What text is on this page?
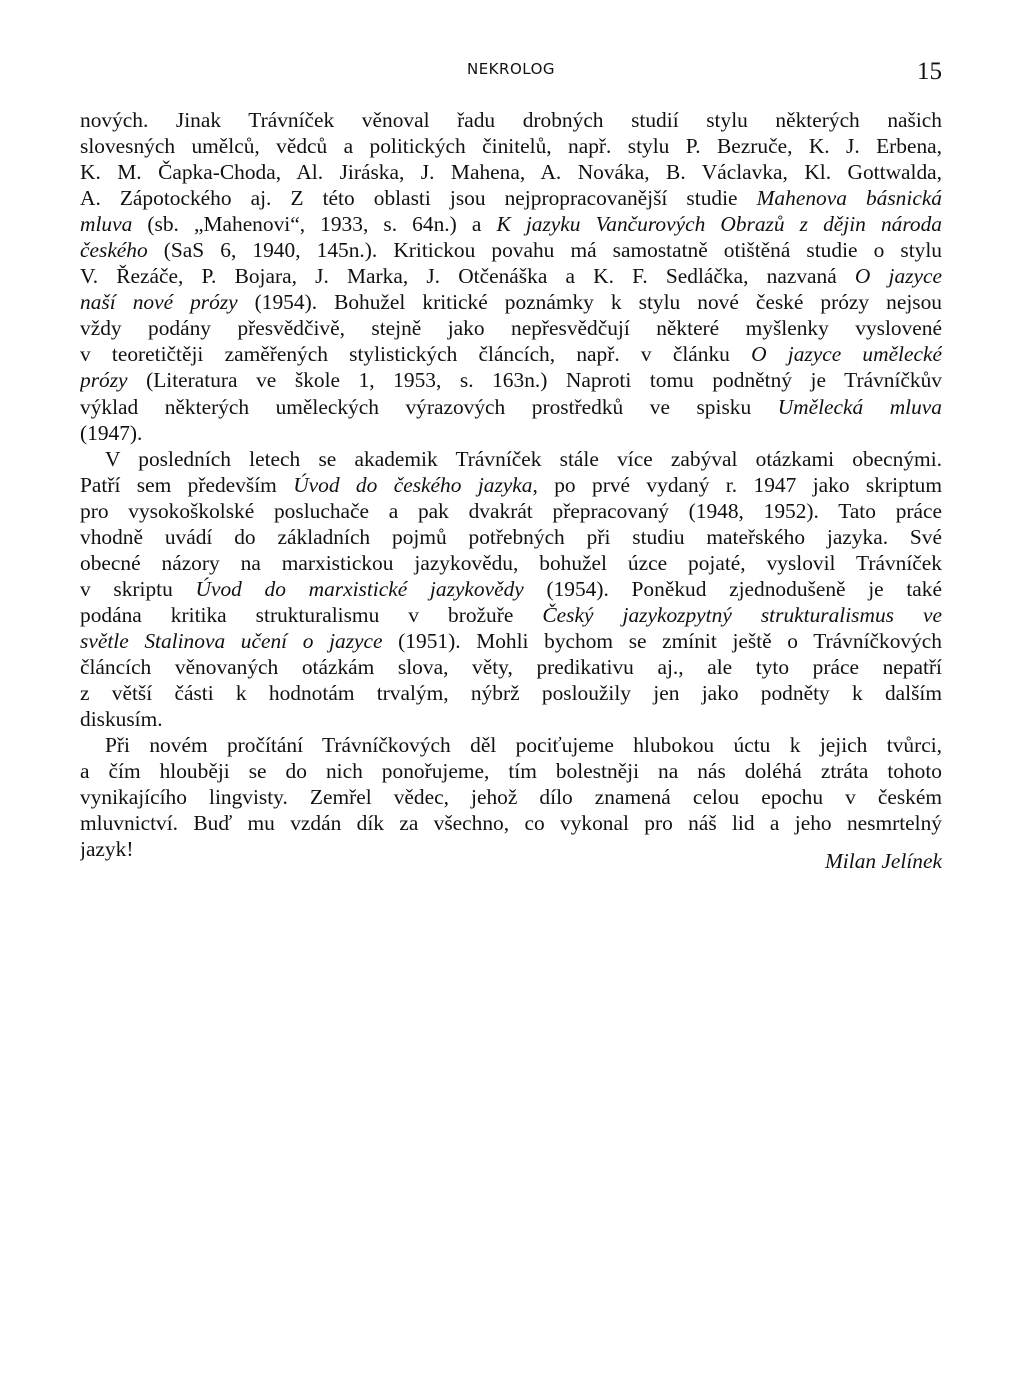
NEKROLOG	15
nových. Jinak Trávníček věnoval řadu drobných studií stylu některých našich
slovesných umělců, vědců a politických činitelů, např. stylu P. Bezruče, K. J. Erbena,
K. M. Čapka-Choda, Al. Jiráska, J. Mahena, A. Nováka, B. Václavka, Kl. Gottwalda,
A. Zápotockého aj. Z této oblasti jsou nejpropracovanější studie Mahenova básnická
mluva (sb. „Mahenovi“, 1933, s. 64n.) a K jazyku Vančurových Obrazů z dějin národa
českého (SaS 6, 1940, 145n.). Kritickou povahu má samostatně otištěná studie o stylu
V. Řezáče, P. Bojara, J. Marka, J. Otčenáška a K. F. Sedláčka, nazvaná O jazyce
naší nové prózy (1954). Bohužel kritické poznámky k stylu nové české prózy nejsou
vždy podány přesvědčivě, stejně jako nepřesvědčují některé myšlenky vyslovené
v teoretičtěji zaměřených stylistických článcích, např. v článku O jazyce umělecké
prózy (Literatura ve škole 1, 1953, s. 163n.) Naproti tomu podnětný je Trávníčkův
výklad některých uměleckých výrazových prostředků ve spisku Umělecká mluva
(1947).
V posledních letech se akademik Trávníček stále více zabýval otázkami obecnými.
Patří sem především Úvod do českého jazyka, po prvé vydaný r. 1947 jako skriptum
pro vysokoškolské posluchače a pak dvakrát přepracovaný (1948, 1952). Tato práce
vhodně uvádí do základních pojmů potřebných při studiu mateřského jazyka. Své
obecné názory na marxistickou jazykovědu, bohužel úzce pojaté, vyslovil Trávníček
v skriptu Úvod do marxistické jazykovědy (1954). Poněkud zjednodušeně je také
podána kritika strukturalismu v brožuře Český jazykozpytný strukturalismus ve
světle Stalinova učení o jazyce (1951). Mohli bychom se zmínit ještě o Trávníčkových
článcích věnovaných otázkám slova, věty, predikativu aj., ale tyto práce nepatří
z větší části k hodnotám trvalým, nýbrž posloužily jen jako podněty k dalším
diskusím.
Při novém pročítání Trávníčkových děl pociťujeme hlubokou úctu k jejich tvůrci,
a čím hlouběji se do nich ponořujeme, tím bolestněji na nás doléhá ztráta tohoto
vynikajícího lingvisty. Zemřel vědec, jehož dílo znamená celou epochu v českém
mluvnictví. Buď mu vzdán dík za všechno, co vykonal pro náš lid a jeho nesmrtelný
jazyk!	Milan Jelínek
